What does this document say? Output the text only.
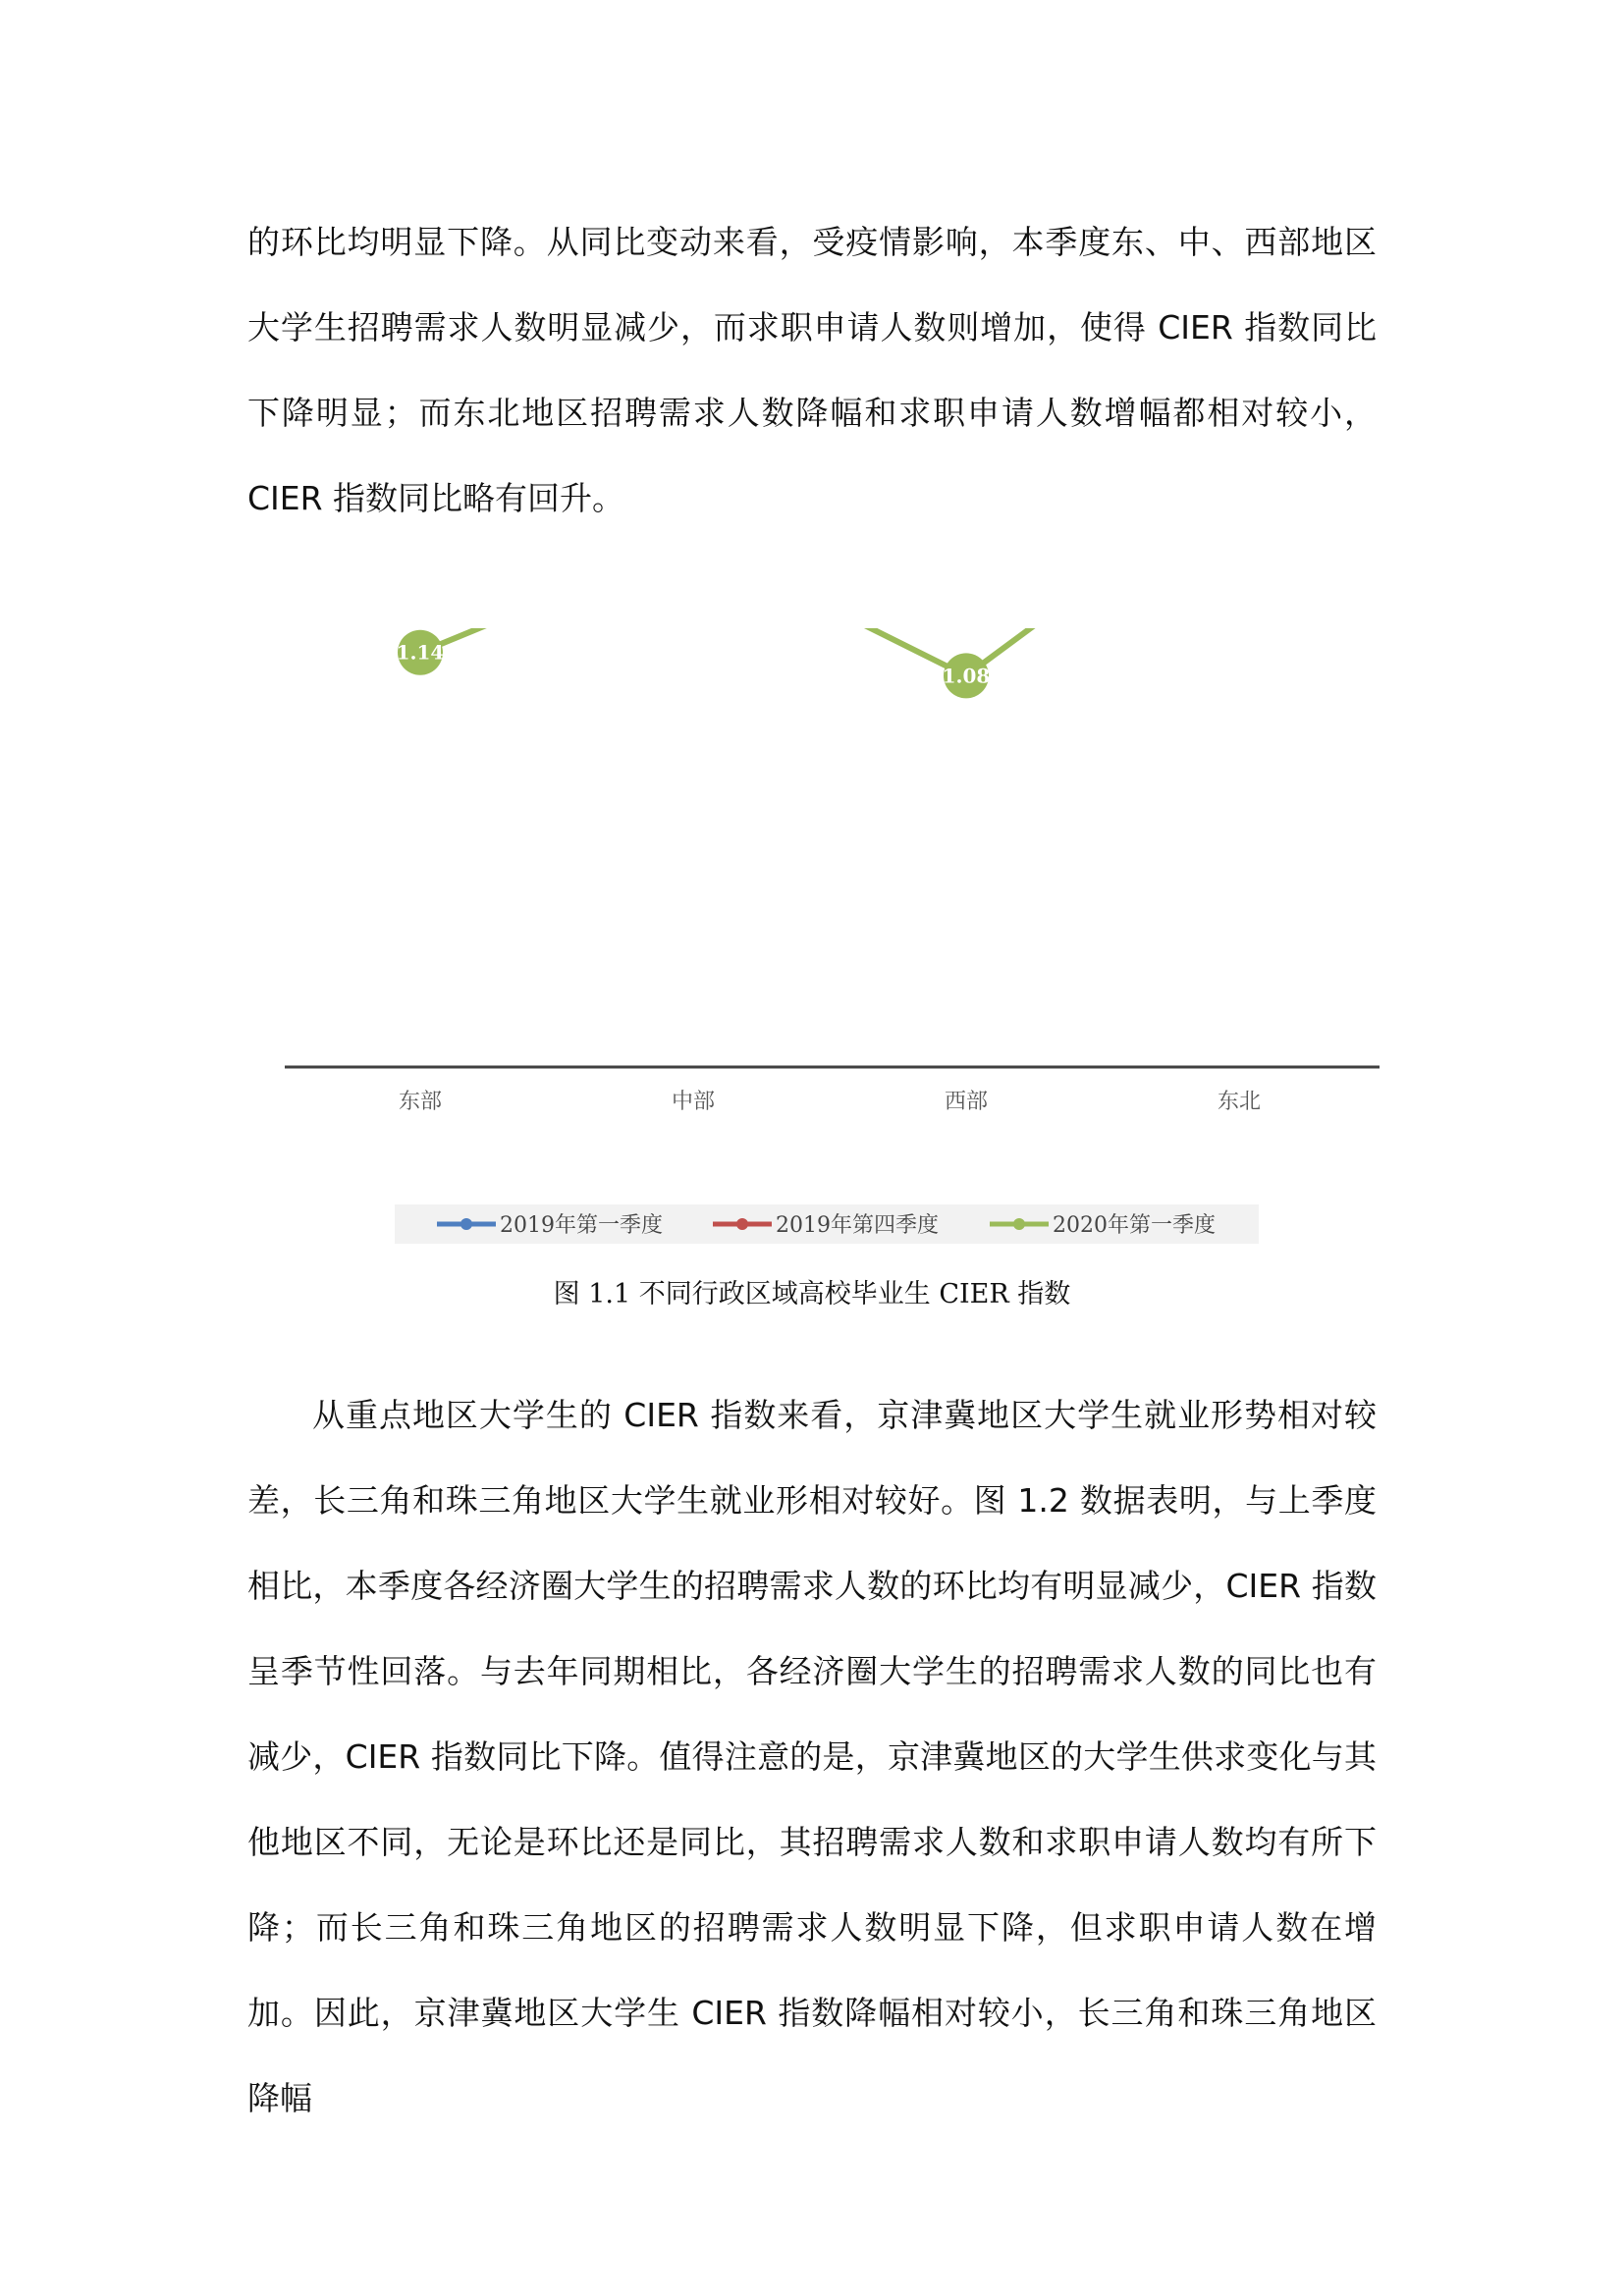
的环比均明显下降。从同比变动来看，受疫情影响，本季度东、中、西部地区大学生招聘需求人数明显减少，而求职申请人数则增加，使得 CIER 指数同比下降明显；而东北地区招聘需求人数降幅和求职申请人数增幅都相对较小，CIER 指数同比略有回升。

东部	中部	西部	东北
1.14
1.08
2019年第一季度	2019年第四季度	2020年第一季度

图 1.1 不同行政区域高校毕业生 CIER 指数

从重点地区大学生的 CIER 指数来看，京津冀地区大学生就业形势相对较差，长三角和珠三角地区大学生就业形相对较好。图 1.2 数据表明，与上季度相比，本季度各经济圈大学生的招聘需求人数的环比均有明显减少，CIER 指数呈季节性回落。与去年同期相比，各经济圈大学生的招聘需求人数的同比也有减少，CIER 指数同比下降。值得注意的是，京津冀地区的大学生供求变化与其他地区不同，无论是环比还是同比，其招聘需求人数和求职申请人数均有所下降；而长三角和珠三角地区的招聘需求人数明显下降，但求职申请人数在增加。因此，京津冀地区大学生 CIER 指数降幅相对较小，长三角和珠三角地区降幅
